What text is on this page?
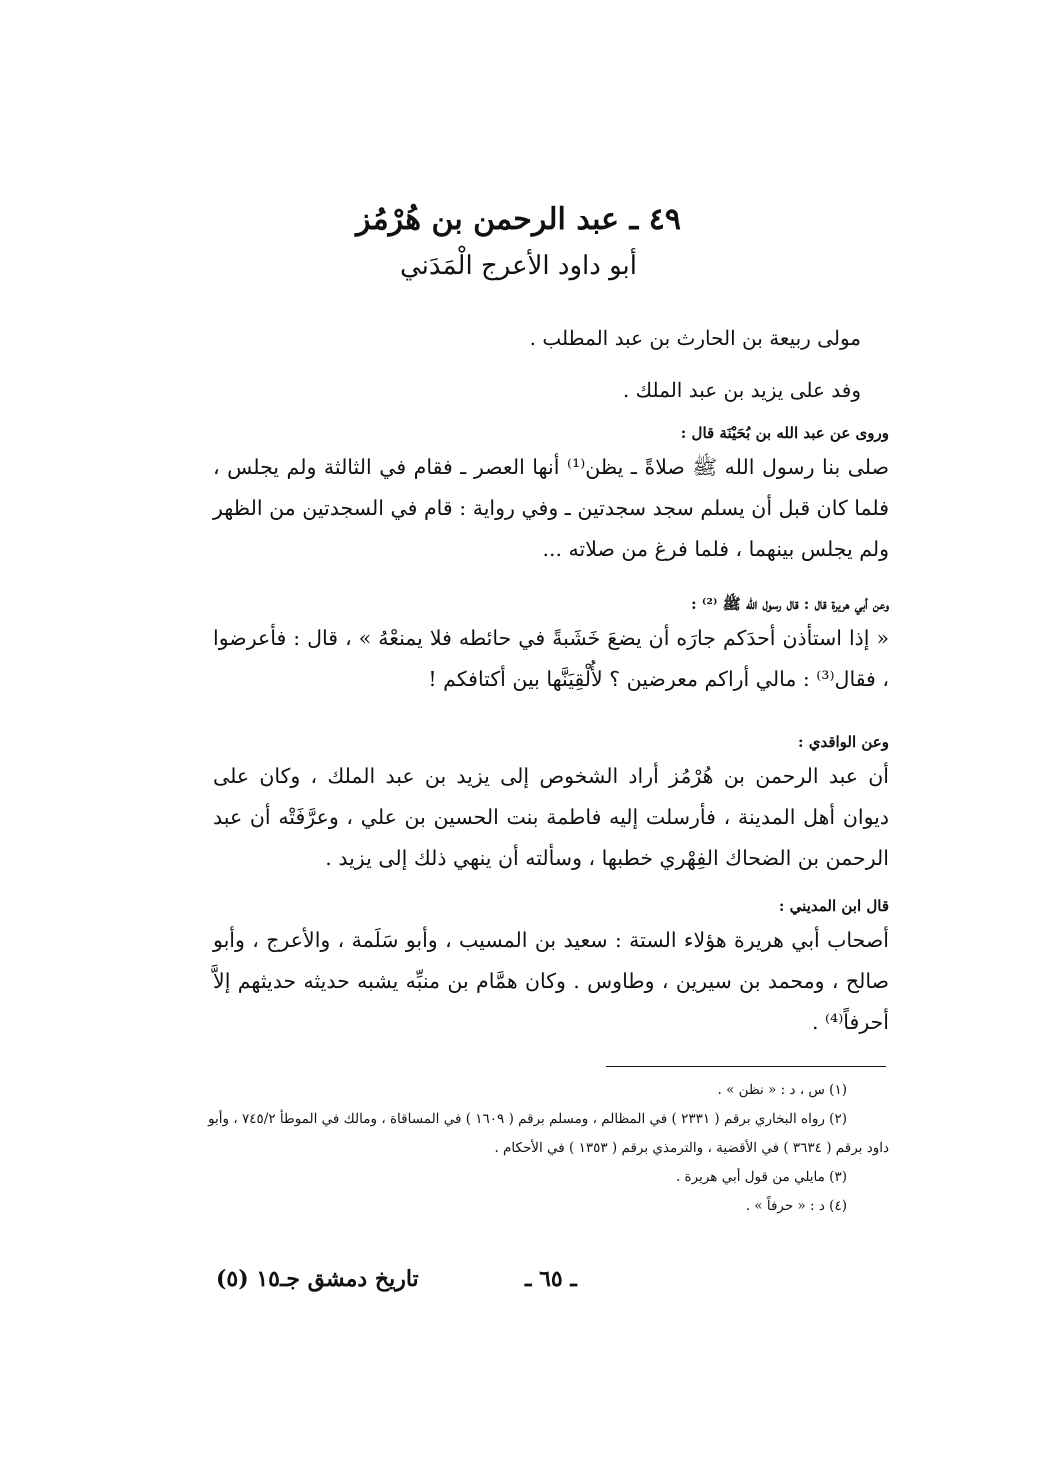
٤٩ ـ عبد الرحمن بن هُرْمُز
أبو داود الأعرج الْمَدَني
مولى ربيعة بن الحارث بن عبد المطلب .
وفد على يزيد بن عبد الملك .
وروى عن عبد الله بن بُحَيْنَة قال :
صلى بنا رسول الله ﷺ صلاةً ـ يظن⁽¹⁾ أنها العصر ـ فقام في الثالثة ولم يجلس ، فلما كان قبل أن يسلم سجد سجدتين ـ وفي رواية : قام في السجدتين من الظهر ولم يجلس بينهما ، فلما فرغ من صلاته ...
وعن أبي هريرة قال : قال رسول الله ﷺ ⁽²⁾ :
« إذا استأذن أحدَكم جارَه أن يضعَ خَشَبةً في حائطه فلا يمنعْهُ » ، قال : فأعرضوا ، فقال⁽³⁾ : مالي أراكم معرضين ؟ لأُلْقِيَنَّها بين أكتافكم !
وعن الواقدي :
أن عبد الرحمن بن هُرْمُز أراد الشخوص إلى يزيد بن عبد الملك ، وكان على ديوان أهل المدينة ، فأرسلت إليه فاطمة بنت الحسين بن علي ، وعرَّفَتْه أن عبد الرحمن بن الضحاك الفِهْري خطبها ، وسألته أن ينهي ذلك إلى يزيد .
قال ابن المديني :
أصحاب أبي هريرة هؤلاء الستة : سعيد بن المسيب ، وأبو سَلَمة ، والأعرج ، وأبو صالح ، ومحمد بن سيرين ، وطاوس . وكان همَّام بن منبِّه يشبه حديثه حديثهم إلاَّ أحرفاً⁽⁴⁾ .
(١) س ، د : « نظن » .
(٢) رواه البخاري برقم ( ٢٣٣١ ) في المظالم ، ومسلم برقم ( ١٦٠٩ ) في المساقاة ، ومالك في الموطأ ٧٤٥/٢ ، وأبو
داود برقم ( ٣٦٣٤ ) في الأقضية ، والترمذي برقم ( ١٣٥٣ ) في الأحكام .
(٣) مايلي من قول أبي هريرة .
(٤) د : « حرفاً » .
ـ ٦٥ ـ
تاريخ دمشق جـ١٥ (٥)
